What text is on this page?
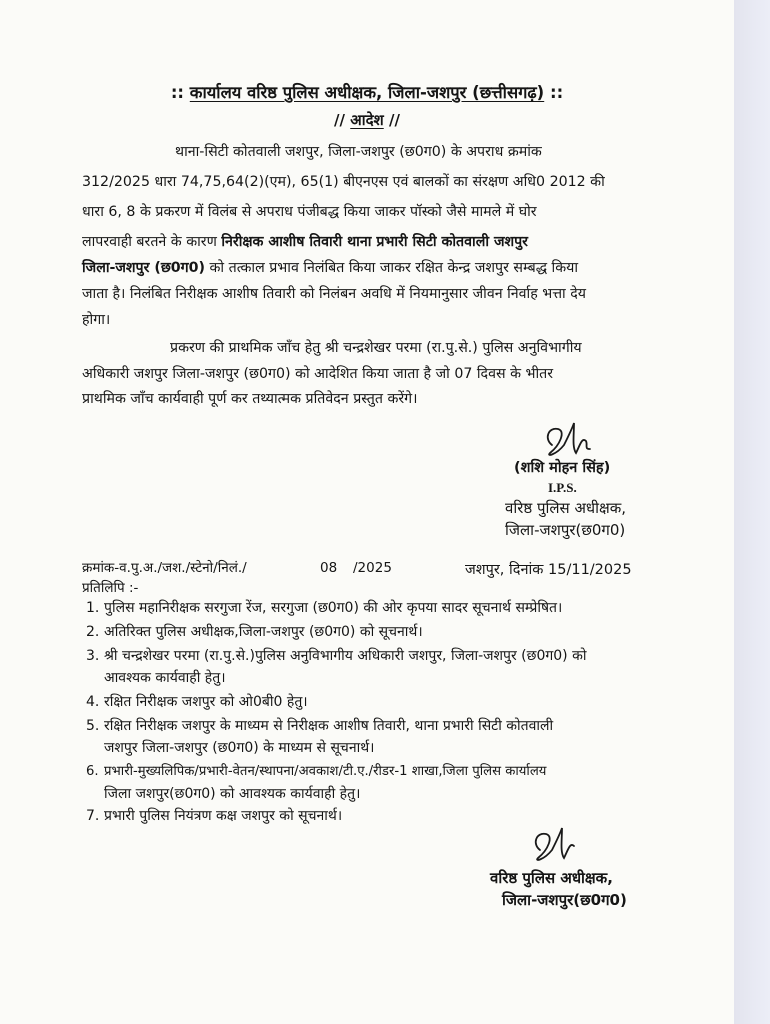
:: कार्यालय वरिष्ठ पुलिस अधीक्षक, जिला-जशपुर (छत्तीसगढ़) ::
// आदेश //
थाना-सिटी कोतवाली जशपुर, जिला-जशपुर (छ0ग0) के अपराध क्रमांक
312/2025 धारा 74,75,64(2)(एम), 65(1) बीएनएस एवं बालकों का संरक्षण अधि0 2012 की
धारा 6, 8 के प्रकरण में विलंब से अपराध पंजीबद्ध किया जाकर पॉस्को जैसे मामले में घोर
लापरवाही बरतने के कारण निरीक्षक आशीष तिवारी थाना प्रभारी सिटी कोतवाली जशपुर
जिला-जशपुर (छ0ग0) को तत्काल प्रभाव निलंबित किया जाकर रक्षित केन्द्र जशपुर सम्बद्ध किया
जाता है। निलंबित निरीक्षक आशीष तिवारी को निलंबन अवधि में नियमानुसार जीवन निर्वाह भत्ता देय
होगा।
प्रकरण की प्राथमिक जाँच हेतु श्री चन्द्रशेखर परमा (रा.पु.से.) पुलिस अनुविभागीय
अधिकारी जशपुर जिला-जशपुर (छ0ग0) को आदेशित किया जाता है जो 07 दिवस के भीतर
प्राथमिक जाँच कार्यवाही पूर्ण कर तथ्यात्मक प्रतिवेदन प्रस्तुत करेंगे।
(शशि मोहन सिंह)
I.P.S.
वरिष्ठ पुलिस अधीक्षक,
जिला-जशपुर(छ0ग0)
क्रमांक-व.पु.अ./जश./स्टेनो/निलं./	08 /2025	जशपुर, दिनांक 15/11/2025
प्रतिलिपि :-
1. पुलिस महानिरीक्षक सरगुजा रेंज, सरगुजा (छ0ग0) की ओर कृपया सादर सूचनार्थ सम्प्रेषित।
2. अतिरिक्त पुलिस अधीक्षक,जिला-जशपुर (छ0ग0) को सूचनार्थ।
3. श्री चन्द्रशेखर परमा (रा.पु.से.)पुलिस अनुविभागीय अधिकारी जशपुर, जिला-जशपुर (छ0ग0) को
आवश्यक कार्यवाही हेतु।
4. रक्षित निरीक्षक जशपुर को ओ0बी0 हेतु।
5. रक्षित निरीक्षक जशपुर के माध्यम से निरीक्षक आशीष तिवारी, थाना प्रभारी सिटी कोतवाली
जशपुर जिला-जशपुर (छ0ग0) के माध्यम से सूचनार्थ।
6. प्रभारी-मुख्यलिपिक/प्रभारी-वेतन/स्थापना/अवकाश/टी.ए./रीडर-1 शाखा,जिला पुलिस कार्यालय
जिला जशपुर(छ0ग0) को आवश्यक कार्यवाही हेतु।
7. प्रभारी पुलिस नियंत्रण कक्ष जशपुर को सूचनार्थ।
वरिष्ठ पुलिस अधीक्षक,
जिला-जशपुर(छ0ग0)
